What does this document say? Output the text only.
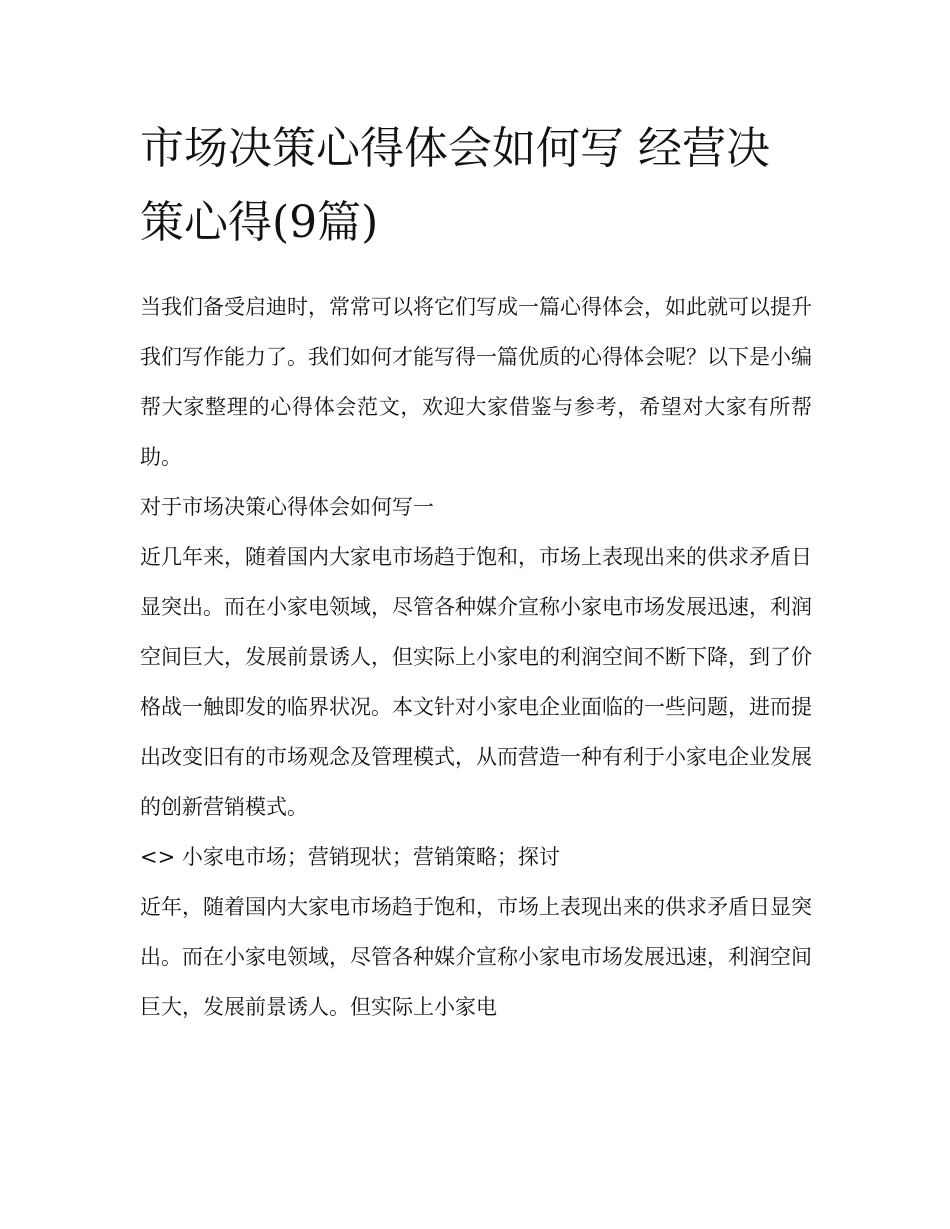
市场决策心得体会如何写 经营决策心得(9篇)

当我们备受启迪时，常常可以将它们写成一篇心得体会，如此就可以提升我们写作能力了。我们如何才能写得一篇优质的心得体会呢？以下是小编帮大家整理的心得体会范文，欢迎大家借鉴与参考，希望对大家有所帮助。

对于市场决策心得体会如何写一

近几年来，随着国内大家电市场趋于饱和，市场上表现出来的供求矛盾日显突出。而在小家电领域，尽管各种媒介宣称小家电市场发展迅速，利润空间巨大，发展前景诱人，但实际上小家电的利润空间不断下降，到了价格战一触即发的临界状况。本文针对小家电企业面临的一些问题，进而提出改变旧有的市场观念及管理模式，从而营造一种有利于小家电企业发展的创新营销模式。

<> 小家电市场；营销现状；营销策略；探讨

近年，随着国内大家电市场趋于饱和，市场上表现出来的供求矛盾日显突出。而在小家电领域，尽管各种媒介宣称小家电市场发展迅速，利润空间巨大，发展前景诱人。但实际上小家电
